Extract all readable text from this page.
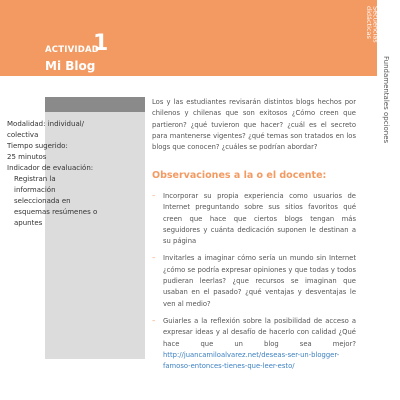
ACTIVIDAD
1
Mi Blog
Secuencias
didácticas
Fundamentales opciones
Modalidad: individual/
colectiva
Tiempo sugerido:
25 minutos
Indicador de evaluación:
Registran la información
seleccionada en
esquemas resúmenes o
apuntes

Los y las estudiantes revisarán distintos blogs hechos por chilenos y chilenas que son exitosos ¿Cómo creen que partieron? ¿qué tuvieron que hacer? ¿cuál es el secreto para mantenerse vigentes? ¿qué temas son tratados en los blogs que conocen? ¿cuáles se podrían abordar?

Observaciones a la o el docente:
– Incorporar su propia experiencia como usuarios de Internet preguntando sobre sus sitios favoritos qué creen que hace que ciertos blogs tengan más seguidores y cuánta dedicación suponen le destinan a su página
– Invitarles a imaginar cómo sería un mundo sin Internet ¿cómo se podría expresar opiniones y que todas y todos pudieran leerlas? ¿que recursos se imaginan que usaban en el pasado? ¿qué ventajas y desventajas le ven al medio?
– Guiarles a la reflexión sobre la posibilidad de acceso a expresar ideas y al desafío de hacerlo con calidad ¿Qué hace que un blog sea mejor? http://juancamiloalvarez.net/deseas-ser-un-blogger-famoso-entonces-tienes-que-leer-esto/
